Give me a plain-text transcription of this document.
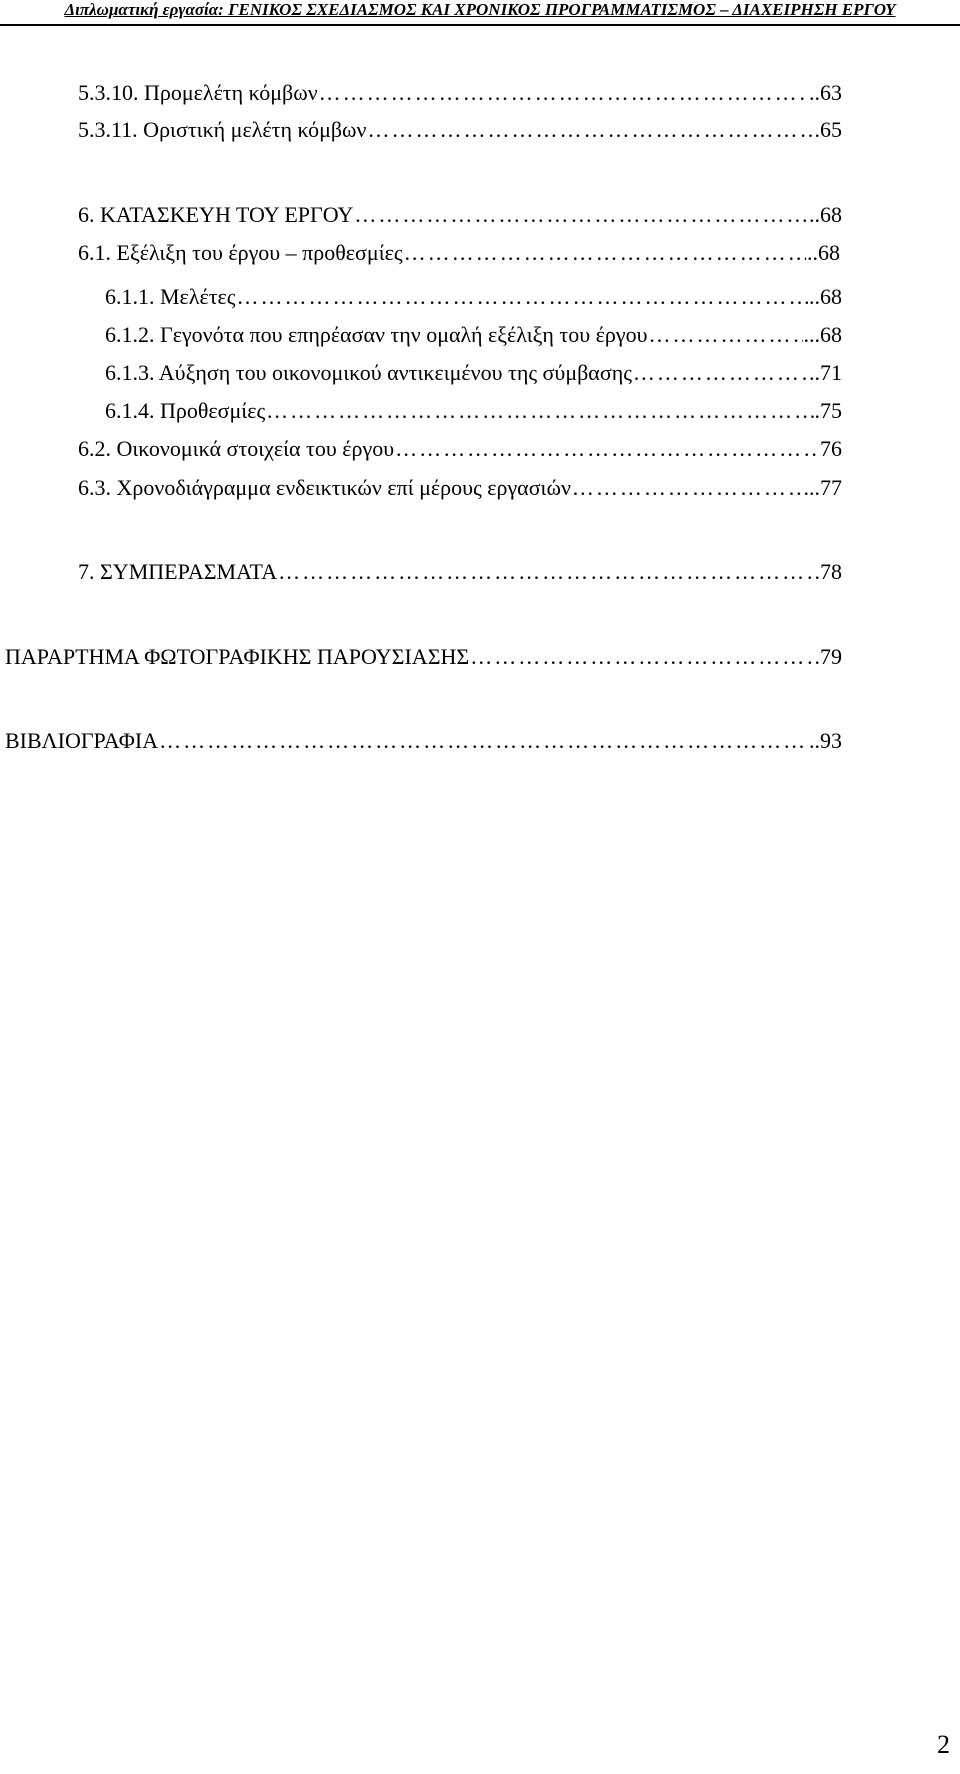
Διπλωματική εργασία: ΓΕΝΙΚΟΣ ΣΧΕΔΙΑΣΜΟΣ ΚΑΙ ΧΡΟΝΙΚΟΣ ΠΡΟΓΡΑΜΜΑΤΙΣΜΟΣ – ΔΙΑΧΕΙΡΗΣΗ ΕΡΓΟΥ
5.3.10. Προμελέτη κόμβων ……………………………………………………………………………………………………………………………………………………………………………………	..63
5.3.11. Οριστική μελέτη κόμβων ……………………………………………………………………………………………………………………………………………………………………………………	.65
6. ΚΑΤΑΣΚΕΥΗ ΤΟΥ ΕΡΓΟΥ ……………………………………………………………………………………………………………………………………………………………………………………	..68
6.1. Εξέλιξη του έργου – προθεσμίες ……………………………………………………………………………………………………………………………………………………………………………………	..68
6.1.1. Μελέτες ……………………………………………………………………………………………………………………………………………………………………………………	..68
6.1.2. Γεγονότα που επηρέασαν την ομαλή εξέλιξη του έργου ……………………………………………………………………………………………………………………………………………………………………………………	...68
6.1.3. Αύξηση του οικονομικού αντικειμένου της σύμβασης ……………………………………………………………………………………………………………………………………………………………………………………	..71
6.1.4. Προθεσμίες ……………………………………………………………………………………………………………………………………………………………………………………	.75
6.2. Οικονομικά στοιχεία του έργου ……………………………………………………………………………………………………………………………………………………………………………………	76
6.3. Χρονοδιάγραμμα ενδεικτικών επί μέρους εργασιών ……………………………………………………………………………………………………………………………………………………………………………………	...77
7. ΣΥΜΠΕΡΑΣΜΑΤΑ ……………………………………………………………………………………………………………………………………………………………………………………	.78
ΠΑΡΑΡΤΗΜΑ ΦΩΤΟΓΡΑΦΙΚΗΣ ΠΑΡΟΥΣΙΑΣΗΣ ……………………………………………………………………………………………………………………………………………………………………………………	79
ΒΙΒΛΙΟΓΡΑΦΙΑ ……………………………………………………………………………………………………………………………………………………………………………………	..93
2
